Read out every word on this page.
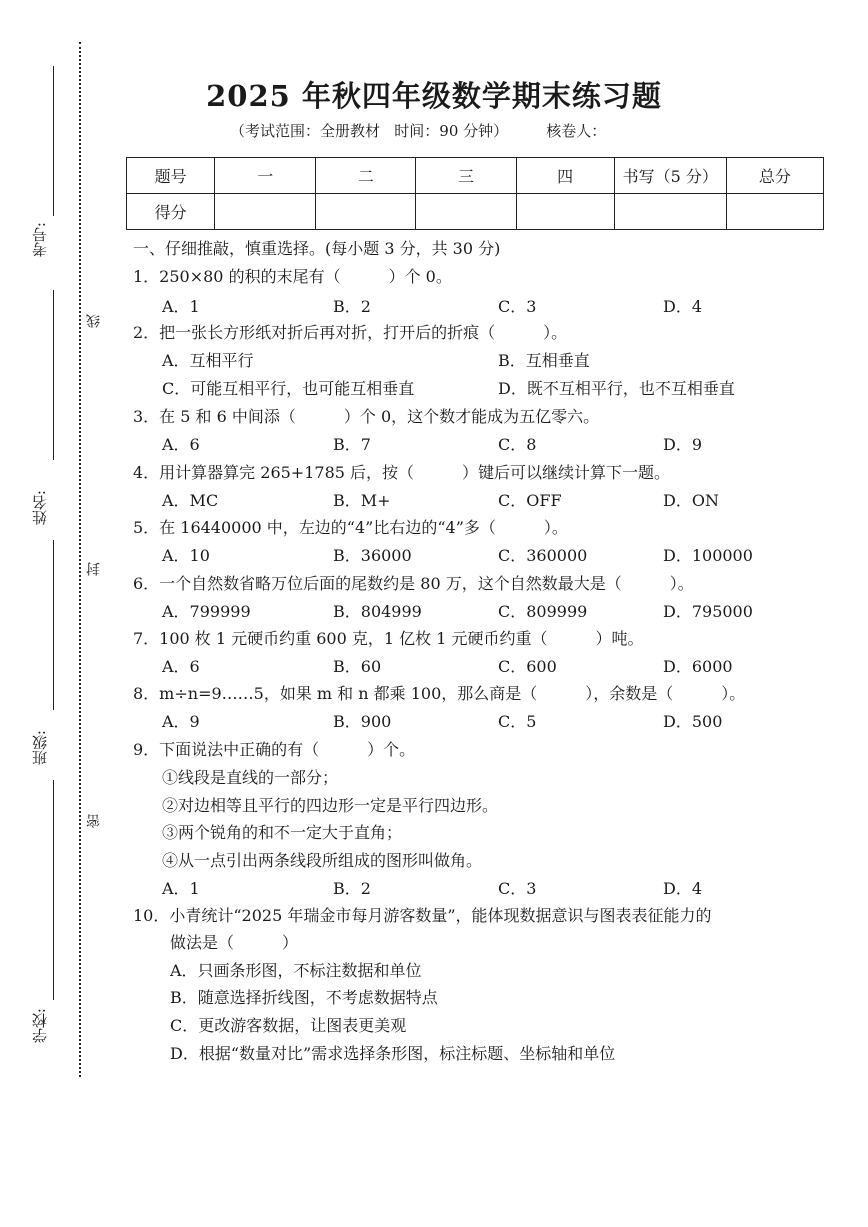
考号:
姓名:
班级:
学校:
线
封
密
2025 年秋四年级数学期末练习题
（考试范围：全册教材   时间：90 分钟）        核卷人：
题号	一	二	三	四	书写（5 分）	总分
得分						
一、仔细推敲，慎重选择。(每小题 3 分，共 30 分)
1．250×80 的积的末尾有（　　　）个 0。
A．1	B．2	C．3	D．4
2．把一张长方形纸对折后再对折，打开后的折痕（　　　）。
A．互相平行	B．互相垂直
C．可能互相平行，也可能互相垂直	D．既不互相平行，也不互相垂直
3．在 5 和 6 中间添（　　　）个 0，这个数才能成为五亿零六。
A．6	B．7	C．8	D．9
4．用计算器算完 265+1785 后，按（　　　）键后可以继续计算下一题。
A．MC	B．M+	C．OFF	D．ON
5．在 16440000 中，左边的“4”比右边的“4”多（　　　）。
A．10	B．36000	C．360000	D．100000
6．一个自然数省略万位后面的尾数约是 80 万，这个自然数最大是（　　　）。
A．799999	B．804999	C．809999	D．795000
7．100 枚 1 元硬币约重 600 克，1 亿枚 1 元硬币约重（　　　）吨。
A．6	B．60	C．600	D．6000
8．m÷n=9……5，如果 m 和 n 都乘 100，那么商是（　　　），余数是（　　　）。
A．9	B．900	C．5	D．500
9．下面说法中正确的有（　　　）个。
①线段是直线的一部分；
②对边相等且平行的四边形一定是平行四边形。
③两个锐角的和不一定大于直角；
④从一点引出两条线段所组成的图形叫做角。
A．1	B．2	C．3	D．4
10．小青统计“2025 年瑞金市每月游客数量”，能体现数据意识与图表表征能力的
做法是（　　　）
A．只画条形图，不标注数据和单位
B．随意选择折线图，不考虑数据特点
C．更改游客数据，让图表更美观
D．根据“数量对比”需求选择条形图，标注标题、坐标轴和单位
